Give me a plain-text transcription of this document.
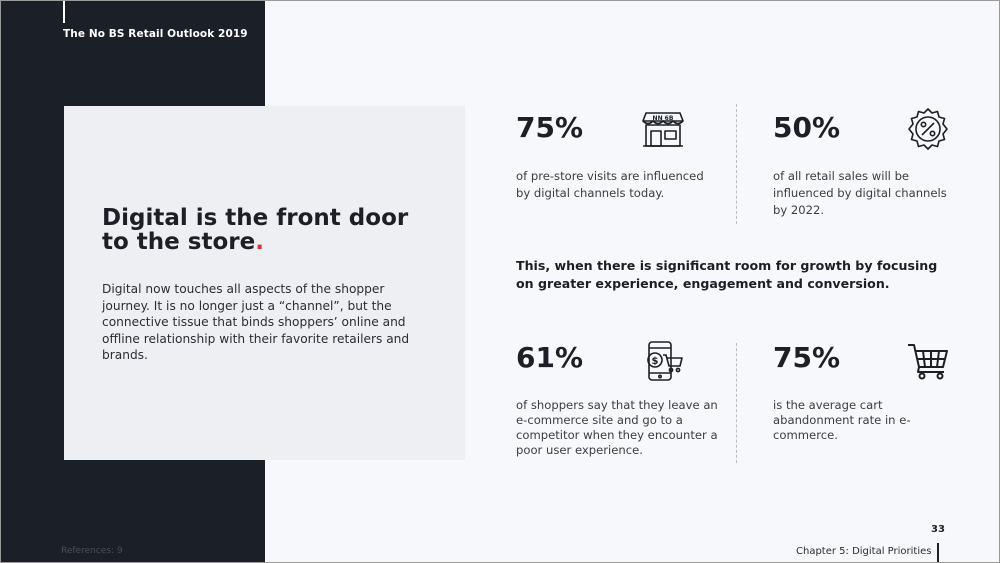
The No BS Retail Outlook 2019
Digital is the front door to the store.
Digital now touches all aspects of the shopper journey. It is no longer just a “channel”, but the connective tissue that binds shoppers’ online and offline relationship with their favorite retailers and brands.
75%	NN 6B
of pre-store visits are influenced by digital channels today.
50%
of all retail sales will be influenced by digital channels by 2022.
This, when there is significant room for growth by focusing on greater experience, engagement and conversion.
61%	$
of shoppers say that they leave an e-commerce site and go to a competitor when they encounter a poor user experience.
75%
is the average cart abandonment rate in e-commerce.
References: 9
33
Chapter 5: Digital Priorities
